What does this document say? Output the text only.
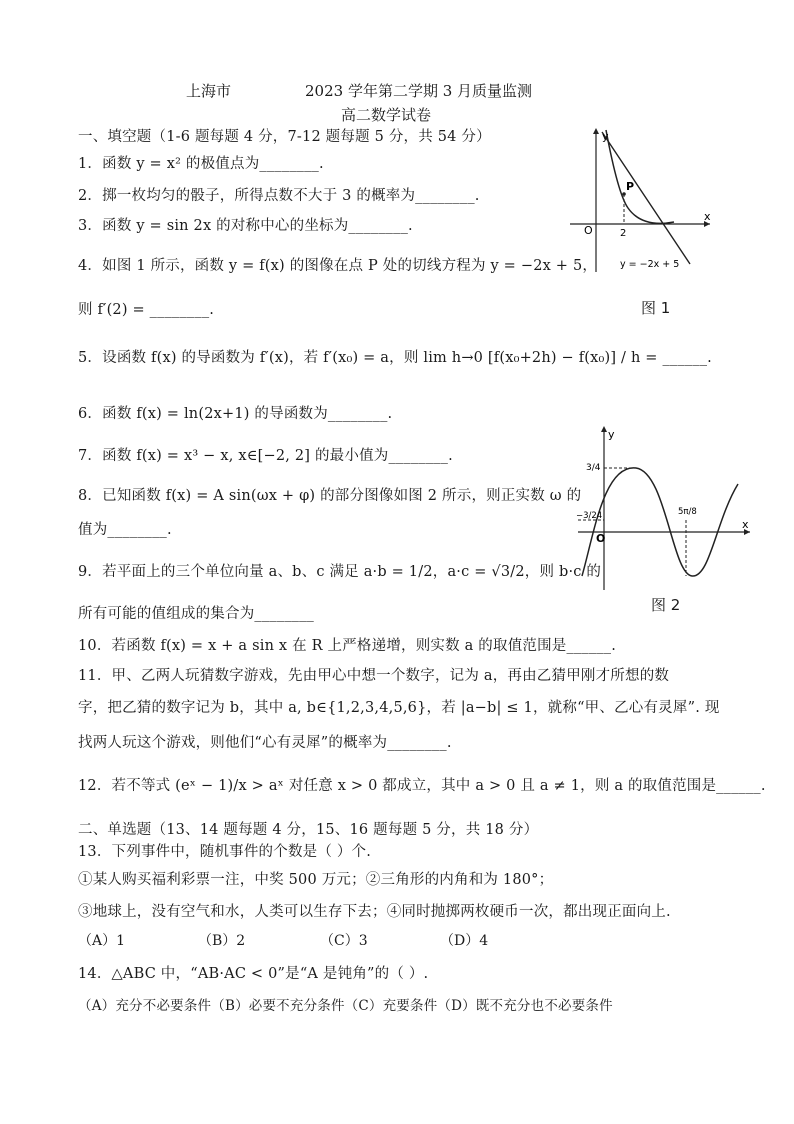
上海市	2023 学年第二学期 3 月质量监测
高二数学试卷
一、填空题（1-6 题每题 4 分，7-12 题每题 5 分，共 54 分）
1．函数 y = x² 的极值点为________.
2．掷一枚均匀的骰子，所得点数不大于 3 的概率为________.
3．函数 y = sin 2x 的对称中心的坐标为________.
4．如图 1 所示，函数 y = f(x) 的图像在点 P 处的切线方程为 y = −2x + 5，
则 f′(2) = ________.
5．设函数 f(x) 的导函数为 f′(x)，若 f′(x₀) = a，则 lim h→0 [f(x₀+2h) − f(x₀)] / h = ______.
6．函数 f(x) = ln(2x+1) 的导函数为________.
7．函数 f(x) = x³ − x, x∈[−2, 2] 的最小值为________.
8．已知函数 f(x) = A sin(ωx + φ) 的部分图像如图 2 所示，则正实数 ω 的
值为________.
9．若平面上的三个单位向量 a、b、c 满足 a·b = 1/2，a·c = √3/2，则 b·c 的
所有可能的值组成的集合为________
10．若函数 f(x) = x + a sin x 在 R 上严格递增，则实数 a 的取值范围是______.
11．甲、乙两人玩猜数字游戏，先由甲心中想一个数字，记为 a，再由乙猜甲刚才所想的数
字，把乙猜的数字记为 b，其中 a, b∈{1,2,3,4,5,6}，若 |a−b| ≤ 1，就称“甲、乙心有灵犀”. 现
找两人玩这个游戏，则他们“心有灵犀”的概率为________.
12．若不等式 (eˣ − 1)/x > aˣ 对任意 x > 0 都成立，其中 a > 0 且 a ≠ 1，则 a 的取值范围是______.
二、单选题（13、14 题每题 4 分，15、16 题每题 5 分，共 18 分）
13．下列事件中，随机事件的个数是（ ）个.
①某人购买福利彩票一注，中奖 500 万元；②三角形的内角和为 180°；
③地球上，没有空气和水，人类可以生存下去；④同时抛掷两枚硬币一次，都出现正面向上.
（A）1	（B）2	（C）3	（D）4
14．△ABC 中，“AB·AC < 0”是“A 是钝角”的（ ）.
（A）充分不必要条件（B）必要不充分条件（C）充要条件（D）既不充分也不必要条件
y
x
O
P
2
y = −2x + 5
图 1
y
x
O
3/4
−3/24	5π/8
图 2
